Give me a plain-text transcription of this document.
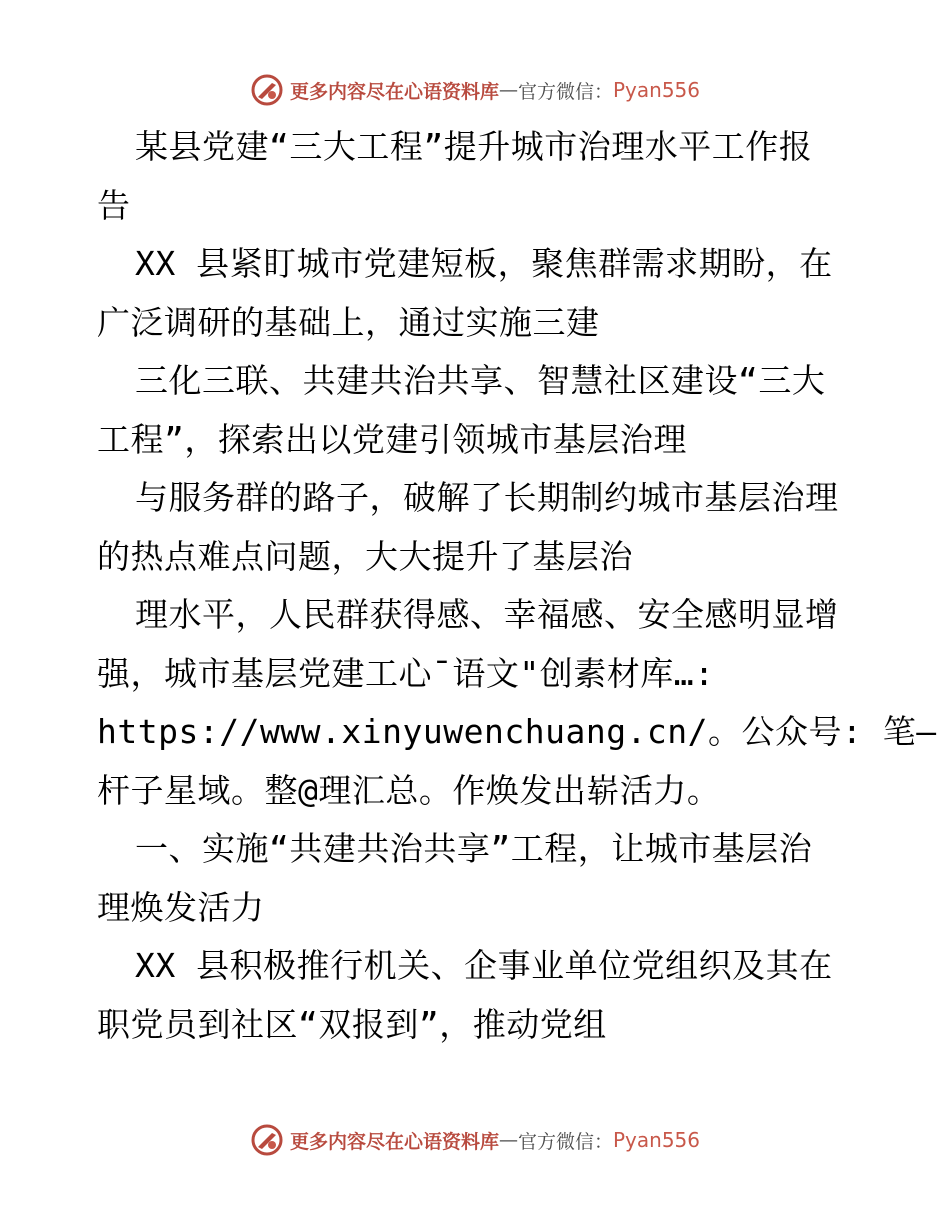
更多内容尽在心语资料库 — 官方微信： Pyan556
某县党建“三大工程”提升城市治理水平工作报
告
XX 县紧盯城市党建短板，聚焦群需求期盼，在
广泛调研的基础上，通过实施三建
三化三联、共建共治共享、智慧社区建设“三大
工程”，探索出以党建引领城市基层治理
与服务群的路子，破解了长期制约城市基层治理
的热点难点问题，大大提升了基层治
理水平，人民群获得感、幸福感、安全感明显增
强，城市基层党建工心¯语文"创素材库…:
https://www.xinyuwenchuang.cn/。公众号: 笔—
杆子星域。整@理汇总。作焕发出崭活力。
一、实施“共建共治共享”工程，让城市基层治
理焕发活力
XX 县积极推行机关、企事业单位党组织及其在
职党员到社区“双报到”，推动党组
更多内容尽在心语资料库 — 官方微信： Pyan556
